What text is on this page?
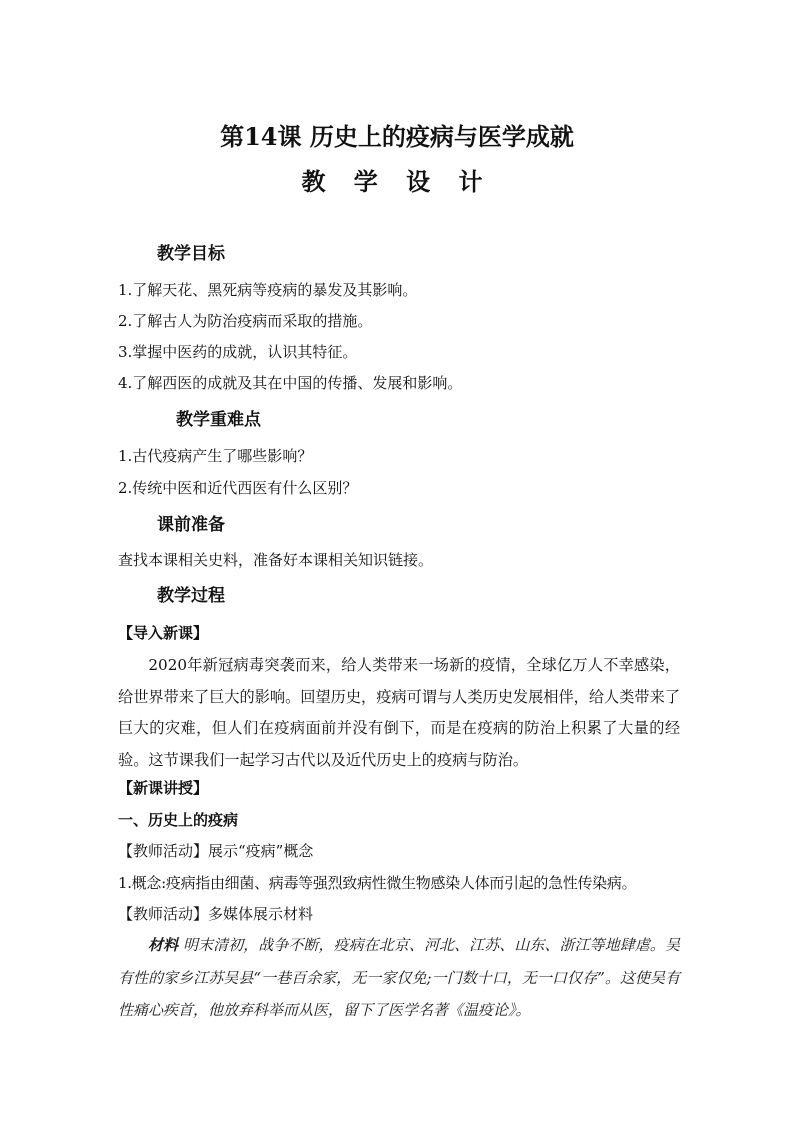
第14课 历史上的疫病与医学成就
教 学 设 计
教学目标
1.了解天花、黑死病等疫病的暴发及其影响。
2.了解古人为防治疫病而采取的措施。
3.掌握中医药的成就，认识其特征。
4.了解西医的成就及其在中国的传播、发展和影响。
教学重难点
1.古代疫病产生了哪些影响？
2.传统中医和近代西医有什么区别？
课前准备
查找本课相关史料，准备好本课相关知识链接。
教学过程
【导入新课】
2020年新冠病毒突袭而来，给人类带来一场新的疫情，全球亿万人不幸感染，给世界带来了巨大的影响。回望历史，疫病可谓与人类历史发展相伴，给人类带来了巨大的灾难，但人们在疫病面前并没有倒下，而是在疫病的防治上积累了大量的经验。这节课我们一起学习古代以及近代历史上的疫病与防治。
【新课讲授】
一、历史上的疫病
【教师活动】展示“疫病”概念
1.概念:疫病指由细菌、病毒等强烈致病性微生物感染人体而引起的急性传染病。
【教师活动】多媒体展示材料
材料 明末清初，战争不断，疫病在北京、河北、江苏、山东、浙江等地肆虐。吴有性的家乡江苏吴县“一巷百余家，无一家仅免;一门数十口，无一口仅存”。这使吴有性痛心疾首，他放弃科举而从医，留下了医学名著《温疫论》。
